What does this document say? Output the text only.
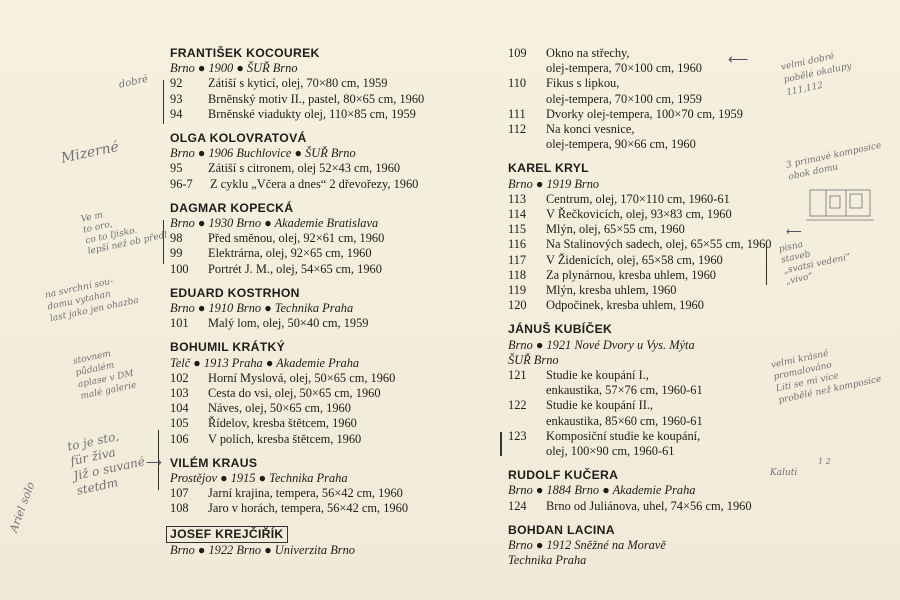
FRANTIŠEK KOCOUREK
Brno ● 1900 ● ŠUŘ Brno
92	Zátiší s kyticí, olej, 70×80 cm, 1959
93	Brněnský motiv II., pastel, 80×65 cm, 1960
94	Brněnské viadukty olej, 110×85 cm, 1959
OLGA KOLOVRATOVÁ
Brno ● 1906 Buchlovice ● ŠUŘ Brno
95	Zátiší s citronem, olej 52×43 cm, 1960
96-7	Z cyklu „Včera a dnes“ 2 dřevořezy, 1960
DAGMAR KOPECKÁ
Brno ● 1930 Brno ● Akademie Bratislava
98	Před směnou, olej, 92×61 cm, 1960
99	Elektrárna, olej, 92×65 cm, 1960
100	Portrét J. M., olej, 54×65 cm, 1960
EDUARD KOSTRHON
Brno ● 1910 Brno ● Technika Praha
101	Malý lom, olej, 50×40 cm, 1959
BOHUMIL KRÁTKÝ
Telč ● 1913 Praha ● Akademie Praha
102	Horní Myslová, olej, 50×65 cm, 1960
103	Cesta do vsi, olej, 50×65 cm, 1960
104	Náves, olej, 50×65 cm, 1960
105	Řídelov, kresba štětcem, 1960
106	V polích, kresba štětcem, 1960
VILÉM KRAUS
Prostějov ● 1915 ● Technika Praha
107	Jarní krajina, tempera, 56×42 cm, 1960
108	Jaro v horách, tempera, 56×42 cm, 1960
JOSEF KREJČIŘÍK
Brno ● 1922 Brno ● Univerzita Brno
109	Okno na střechy,
olej-tempera, 70×100 cm, 1960
110	Fikus s lipkou,
olej-tempera, 70×100 cm, 1959
111	Dvorky olej-tempera, 100×70 cm, 1959
112	Na konci vesnice,
olej-tempera, 90×66 cm, 1960
KAREL KRYL
Brno ● 1919 Brno
113	Centrum, olej, 170×110 cm, 1960-61
114	V Řečkovicích, olej, 93×83 cm, 1960
115	Mlýn, olej, 65×55 cm, 1960
116	Na Stalinových sadech, olej, 65×55 cm, 1960
117	V Židenicích, olej, 65×58 cm, 1960
118	Za plynárnou, kresba uhlem, 1960
119	Mlýn, kresba uhlem, 1960
120	Odpočinek, kresba uhlem, 1960
JÁNUŠ KUBÍČEK
Brno ● 1921 Nové Dvory u Vys. Mýta
ŠUŘ Brno
121	Studie ke koupání I.,
enkaustika, 57×76 cm, 1960-61
122	Studie ke koupání II.,
enkaustika, 85×60 cm, 1960-61
123	Komposiční studie ke koupání,
olej, 100×90 cm, 1960-61
RUDOLF KUČERA
Brno ● 1884 Brno ● Akademie Praha
124	Brno od Juliánova, uhel, 74×56 cm, 1960
BOHDAN LACINA
Brno ● 1912 Sněžné na Moravě
Technika Praha
dobré
Mizerné
Ve m
to oro,
co to Ijisko.
lepší než ob předl
na svrchní sou-
domu vytahan
last jako jen ohazba
stovnem
půdalém
aplase v DM
malé galerie
to je sto,
für živa
Již o suvané
stetdm
Ariel solo
velmi dobré
pobělé okalupy
111,112
3 primavé komposice
obok domu
pisna
staveb
„svatsi vedeni“
„vivo“
velmi krásné
promalováno
Liti se mi více
probělé než komposice
Kaluti
1 2
⟵
⟵
⟶
